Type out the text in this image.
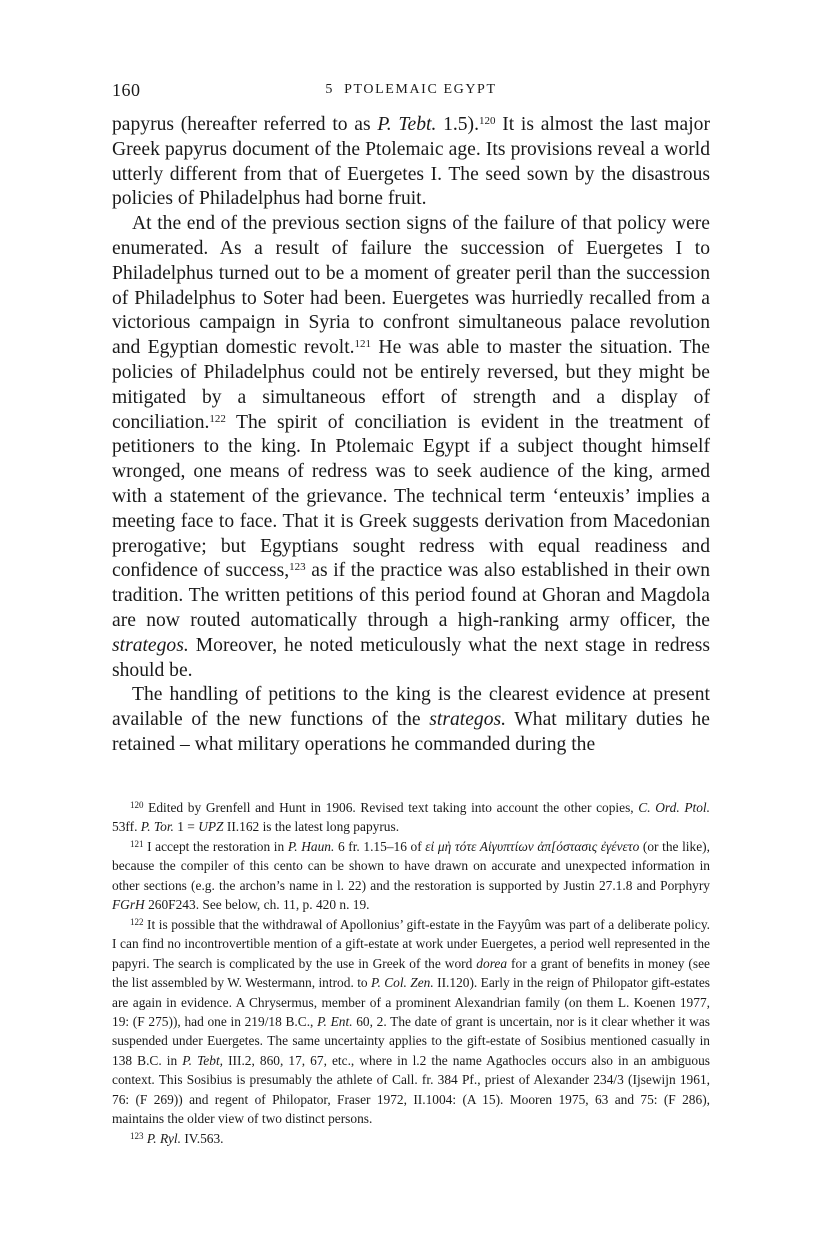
160	5 PTOLEMAIC EGYPT

papyrus (hereafter referred to as P. Tebt. 1.5).$^{120}$ It is almost the last major Greek papyrus document of the Ptolemaic age. Its provisions reveal a world utterly different from that of Euergetes I. The seed sown by the disastrous policies of Philadelphus had borne fruit.

At the end of the previous section signs of the failure of that policy were enumerated. As a result of failure the succession of Euergetes I to Philadelphus turned out to be a moment of greater peril than the succession of Philadelphus to Soter had been. Euergetes was hurriedly recalled from a victorious campaign in Syria to confront simultaneous palace revolution and Egyptian domestic revolt.$^{121}$ He was able to master the situation. The policies of Philadelphus could not be entirely reversed, but they might be mitigated by a simultaneous effort of strength and a display of conciliation.$^{122}$ The spirit of conciliation is evident in the treatment of petitioners to the king. In Ptolemaic Egypt if a subject thought himself wronged, one means of redress was to seek audience of the king, armed with a statement of the grievance. The technical term ‘enteuxis’ implies a meeting face to face. That it is Greek suggests derivation from Macedonian prerogative; but Egyptians sought redress with equal readiness and confidence of success,$^{123}$ as if the practice was also established in their own tradition. The written petitions of this period found at Ghoran and Magdola are now routed automatically through a high-ranking army officer, the strategos. Moreover, he noted meticulously what the next stage in redress should be.

The handling of petitions to the king is the clearest evidence at present available of the new functions of the strategos. What military duties he retained – what military operations he commanded during the

$^{120}$ Edited by Grenfell and Hunt in 1906. Revised text taking into account the other copies, C. Ord. Ptol. 53ff. P. Tor. 1 = UPZ II.162 is the latest long papyrus.

$^{121}$ I accept the restoration in P. Haun. 6 fr. 1.15–16 of εἰ μὴ τότε Αἰγυπτίων ἀπ[όστασις ἐγένετο (or the like), because the compiler of this cento can be shown to have drawn on accurate and unexpected information in other sections (e.g. the archon’s name in l. 22) and the restoration is supported by Justin 27.1.8 and Porphyry FGrH 260F243. See below, ch. 11, p. 420 n. 19.

$^{122}$ It is possible that the withdrawal of Apollonius’ gift-estate in the Fayyûm was part of a deliberate policy. I can find no incontrovertible mention of a gift-estate at work under Euergetes, a period well represented in the papyri. The search is complicated by the use in Greek of the word dorea for a grant of benefits in money (see the list assembled by W. Westermann, introd. to P. Col. Zen. II.120). Early in the reign of Philopator gift-estates are again in evidence. A Chrysermus, member of a prominent Alexandrian family (on them L. Koenen 1977, 19: (F 275)), had one in 219/18 B.C., P. Ent. 60, 2. The date of grant is uncertain, nor is it clear whether it was suspended under Euergetes. The same uncertainty applies to the gift-estate of Sosibius mentioned casually in 138 B.C. in P. Tebt, III.2, 860, 17, 67, etc., where in l.2 the name Agathocles occurs also in an ambiguous context. This Sosibius is presumably the athlete of Call. fr. 384 Pf., priest of Alexander 234/3 (Ijsewijn 1961, 76: (F 269)) and regent of Philopator, Fraser 1972, II.1004: (A 15). Mooren 1975, 63 and 75: (F 286), maintains the older view of two distinct persons.

$^{123}$ P. Ryl. IV.563.
